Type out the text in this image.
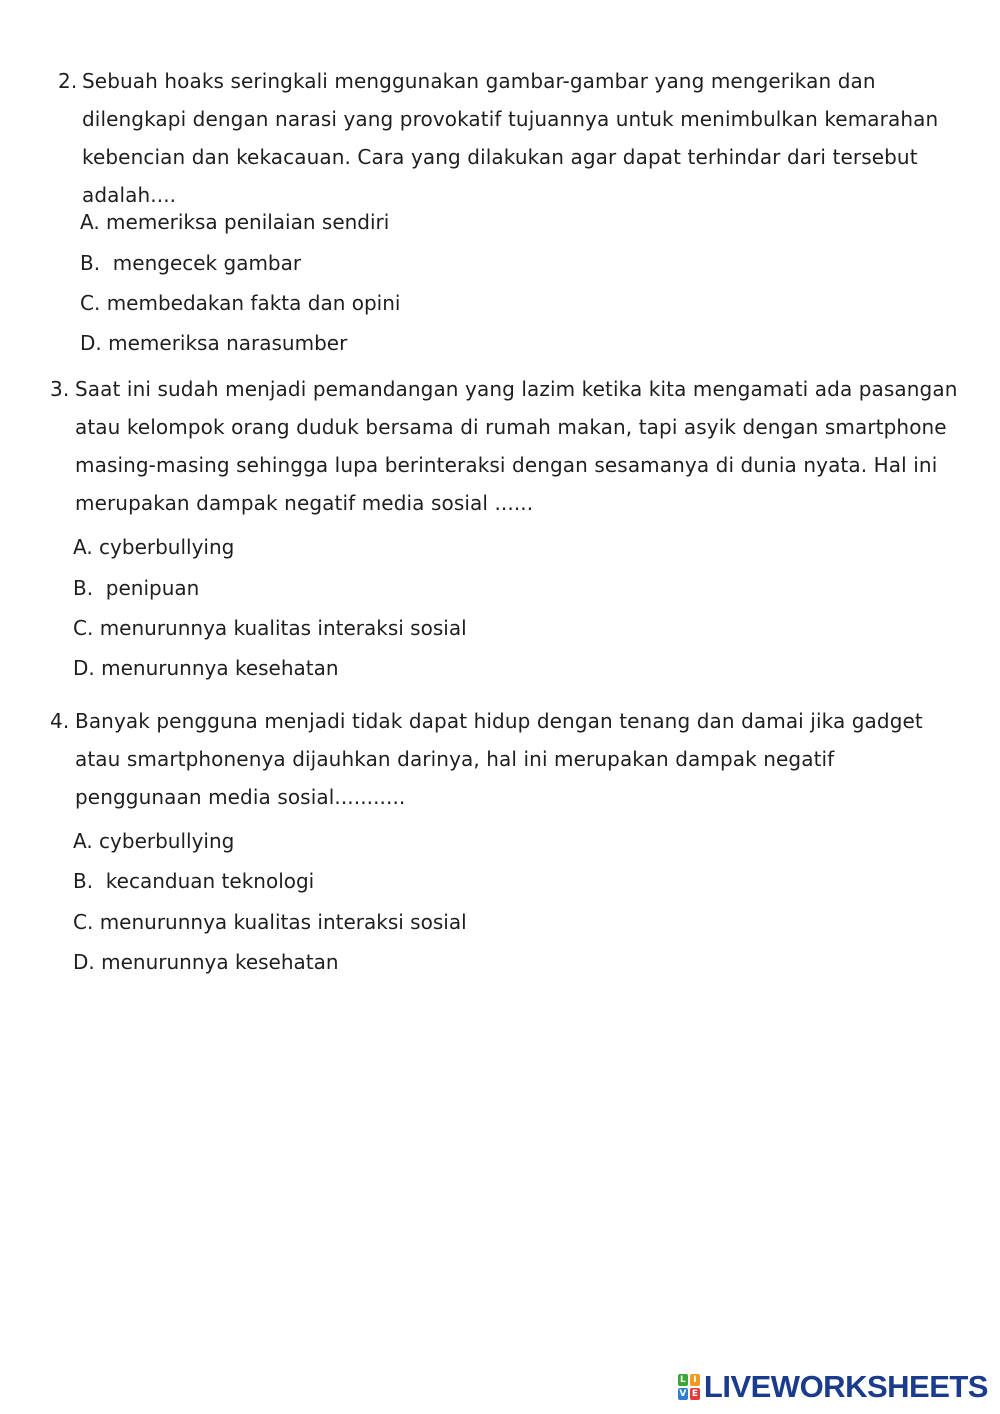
2. Sebuah hoaks seringkali menggunakan gambar-gambar yang mengerikan dan
dilengkapi dengan narasi yang provokatif tujuannya untuk menimbulkan kemarahan
kebencian dan kekacauan. Cara yang dilakukan agar dapat terhindar dari tersebut
adalah....
A. memeriksa penilaian sendiri
B.  mengecek gambar
C. membedakan fakta dan opini
D. memeriksa narasumber
3. Saat ini sudah menjadi pemandangan yang lazim ketika kita mengamati ada pasangan
atau kelompok orang duduk bersama di rumah makan, tapi asyik dengan smartphone
masing-masing sehingga lupa berinteraksi dengan sesamanya di dunia nyata. Hal ini
merupakan dampak negatif media sosial ......
A. cyberbullying
B.  penipuan
C. menurunnya kualitas interaksi sosial
D. menurunnya kesehatan
4. Banyak pengguna menjadi tidak dapat hidup dengan tenang dan damai jika gadget
atau smartphonenya dijauhkan darinya, hal ini merupakan dampak negatif
penggunaan media sosial...........
A. cyberbullying
B.  kecanduan teknologi
C. menurunnya kualitas interaksi sosial
D. menurunnya kesehatan
L I
V E LIVEWORKSHEETS
